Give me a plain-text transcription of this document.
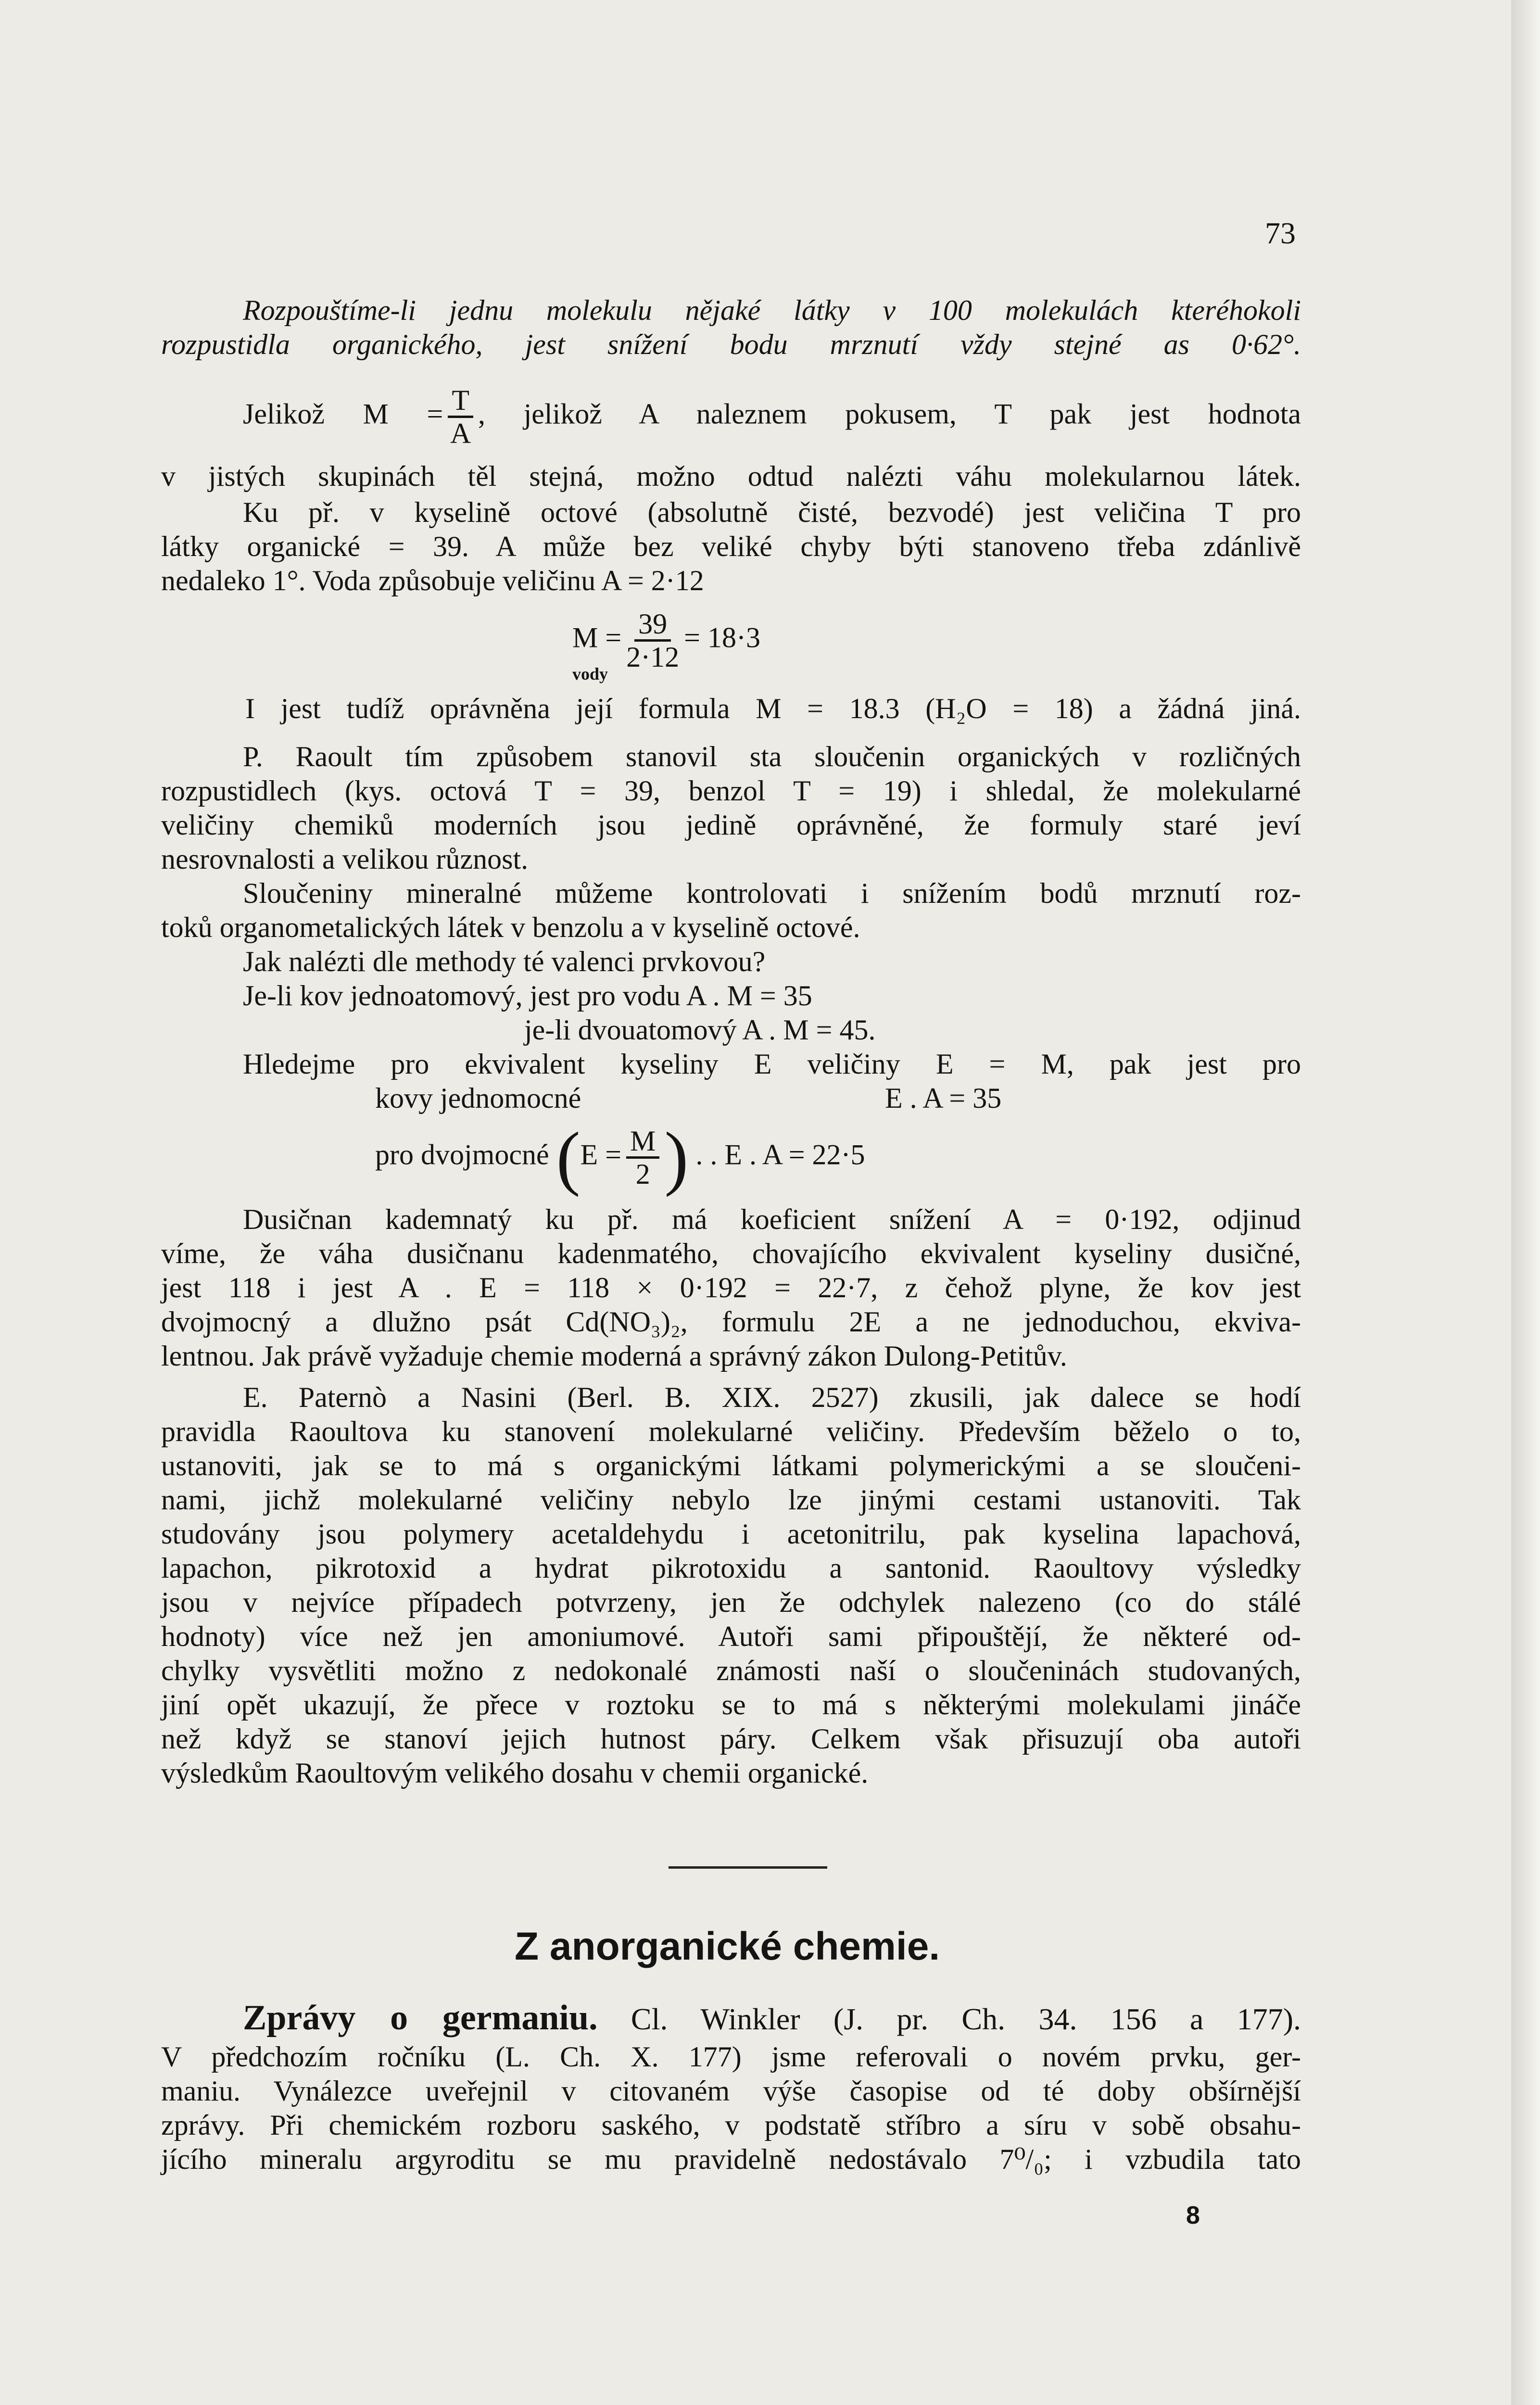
73
Rozpouštíme-li jednu molekulu nějaké látky v 100 molekulách kteréhokoli
rozpustidla organického, jest snížení bodu mrznutí vždy stejné as 0·62°.
Jelikož $M = \frac{T}{A}$ , jelikož A naleznem pokusem, T pak jest hodnota
v jistých skupinách těl stejná, možno odtud nalézti váhu molekularnou látek.
Ku př. v kyselině octové (absolutně čisté, bezvodé) jest veličina T pro
látky organické = 39. A může bez veliké chyby býti stanoveno třeba zdánlivě
nedaleko 1°. Voda způsobuje veličinu A = 2·12
$M = \frac{39}{2\cdot 12} = 18\cdot 3$
vody
I jest tudíž oprávněna její formula M = 18.3 (H₂O = 18) a žádná jiná.
P. Raoult tím způsobem stanovil sta sloučenin organických v rozličných
rozpustidlech (kys. octová T = 39, benzol T = 19) i shledal, že molekularné
veličiny chemiků moderních jsou jedině oprávněné, že formuly staré jeví
nesrovnalosti a velikou různost.
Sloučeniny mineralné můžeme kontrolovati i snížením bodů mrznutí roz-
toků organometalických látek v benzolu a v kyselině octové.
Jak nalézti dle methody té valenci prvkovou?
Je-li kov jednoatomový, jest pro vodu A . M = 35
je-li dvouatomový A . M = 45.
Hledejme pro ekvivalent kyseliny E veličiny E = M, pak jest pro
kovy jednomocné	E . A = 35
pro dvojmocné ($E = \frac{M}{2}$ ) . . E . A = 22·5
Dusičnan kademnatý ku př. má koeficient snížení A = 0·192, odjinud
víme, že váha dusičnanu kadenmatého, chovajícího ekvivalent kyseliny dusičné,
jest 118 i jest A . E = 118 × 0·192 = 22·7, z čehož plyne, že kov jest
dvojmocný a dlužno psát Cd(NO₃)₂, formulu 2E a ne jednoduchou, ekviva-
lentnou. Jak právě vyžaduje chemie moderná a správný zákon Dulong-Petitův.
E. Paternò a Nasini (Berl. B. XIX. 2527) zkusili, jak dalece se hodí
pravidla Raoultova ku stanovení molekularné veličiny. Především běželo o to,
ustanoviti, jak se to má s organickými látkami polymerickými a se sloučeni-
nami, jichž molekularné veličiny nebylo lze jinými cestami ustanoviti. Tak
studovány jsou polymery acetaldehydu i acetonitrilu, pak kyselina lapachová,
lapachon, pikrotoxid a hydrat pikrotoxidu a santonid. Raoultovy výsledky
jsou v nejvíce případech potvrzeny, jen že odchylek nalezeno (co do stálé
hodnoty) více než jen amoniumové. Autoři sami připouštějí, že některé od-
chylky vysvětliti možno z nedokonalé známosti naší o sloučeninách studovaných,
jiní opět ukazují, že přece v roztoku se to má s některými molekulami jináče
než když se stanoví jejich hutnost páry. Celkem však přisuzují oba autoři
výsledkům Raoultovým velikého dosahu v chemii organické.
Z anorganické chemie.
Zprávy o germaniu. Cl. Winkler (J. pr. Ch. 34. 156 a 177).
V předchozím ročníku (L. Ch. X. 177) jsme referovali o novém prvku, ger-
maniu. Vynálezce uveřejnil v citovaném výše časopise od té doby obšírnější
zprávy. Při chemickém rozboru saského, v podstatě stříbro a síru v sobě obsahu-
jícího mineralu argyroditu se mu pravidelně nedostávalo 7⁰/₀; i vzbudila tato
8
